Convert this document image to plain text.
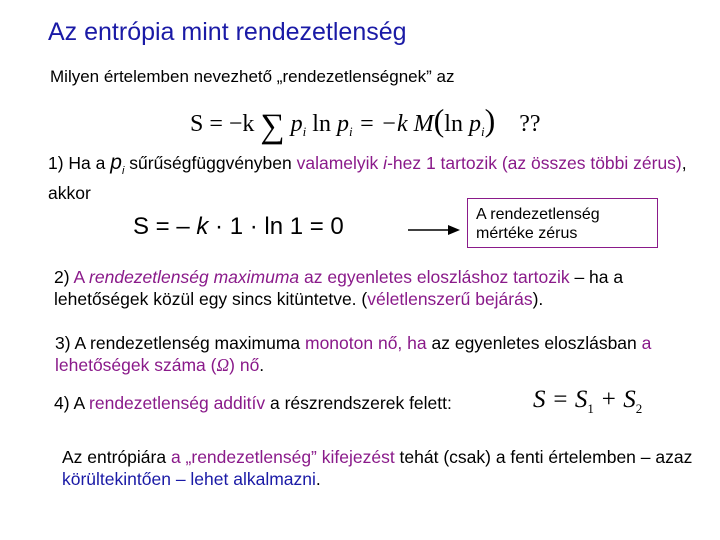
Az entrópia mint rendezetlenség
Milyen értelemben nevezhető „rendezetlenségnek” az
S = −k ∑ $p_i$ $\ln p_i = -k$ M(ln $p_i$) ??
1) Ha a $p_i$ sűrűségfüggvényben valamelyik i-hez 1 tartozik (az összes többi zérus), akkor
S = – k · 1 · ln 1 = 0	A rendezetlenség
mértéke zérus
2) A rendezetlenség maximuma az egyenletes eloszláshoz tartozik – ha a lehetőségek közül egy sincs kitüntetve. (véletlenszerű bejárás).
3) A rendezetlenség maximuma monoton nő, ha az egyenletes eloszlásban a lehetőségek száma (Ω) nő.
4) A rendezetlenség additív a részrendszerek felett:	$S = S_1 + S_2$
Az entrópiára a „rendezetlenség” kifejezést tehát (csak) a fenti értelemben – azaz körültekintően – lehet alkalmazni.
